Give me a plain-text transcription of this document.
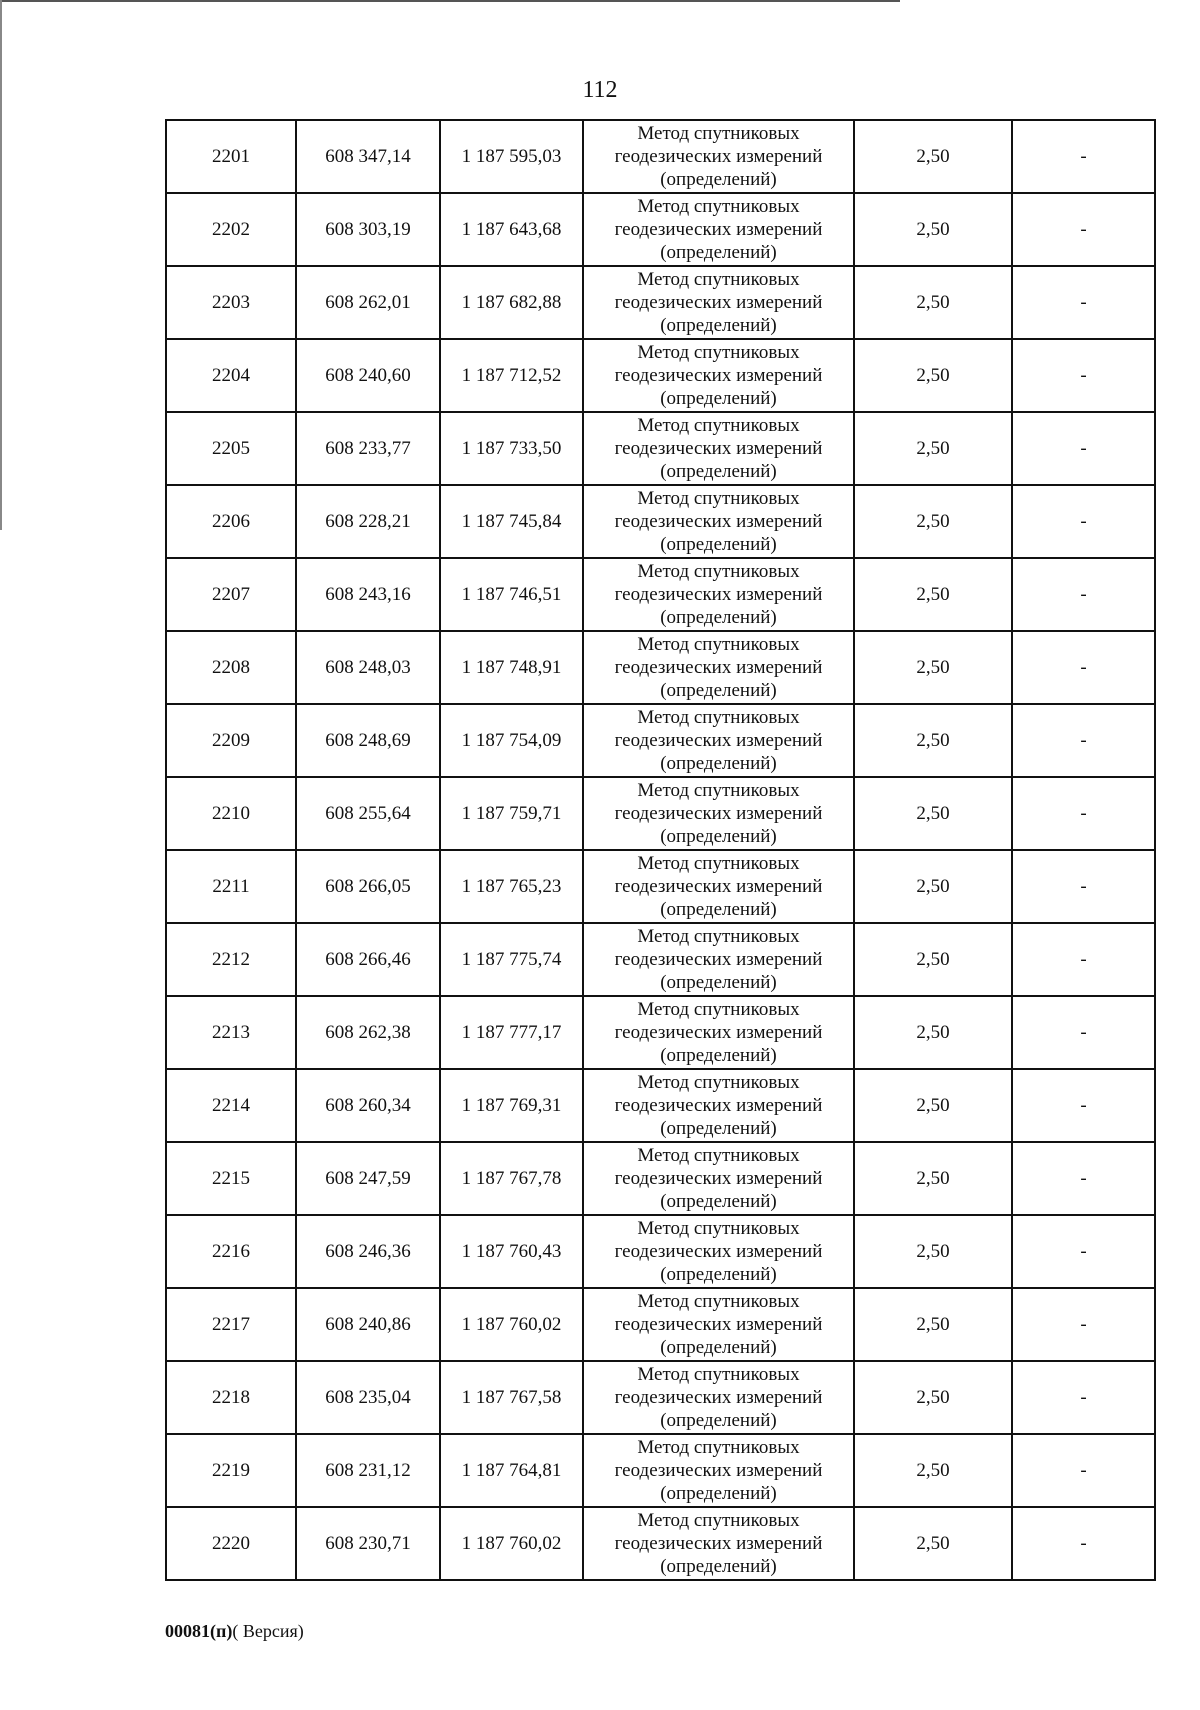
112
2201	608 347,14	1 187 595,03	Метод спутниковых
геодезических измерений
(определений)	2,50	-
2202	608 303,19	1 187 643,68	Метод спутниковых
геодезических измерений
(определений)	2,50	-
2203	608 262,01	1 187 682,88	Метод спутниковых
геодезических измерений
(определений)	2,50	-
2204	608 240,60	1 187 712,52	Метод спутниковых
геодезических измерений
(определений)	2,50	-
2205	608 233,77	1 187 733,50	Метод спутниковых
геодезических измерений
(определений)	2,50	-
2206	608 228,21	1 187 745,84	Метод спутниковых
геодезических измерений
(определений)	2,50	-
2207	608 243,16	1 187 746,51	Метод спутниковых
геодезических измерений
(определений)	2,50	-
2208	608 248,03	1 187 748,91	Метод спутниковых
геодезических измерений
(определений)	2,50	-
2209	608 248,69	1 187 754,09	Метод спутниковых
геодезических измерений
(определений)	2,50	-
2210	608 255,64	1 187 759,71	Метод спутниковых
геодезических измерений
(определений)	2,50	-
2211	608 266,05	1 187 765,23	Метод спутниковых
геодезических измерений
(определений)	2,50	-
2212	608 266,46	1 187 775,74	Метод спутниковых
геодезических измерений
(определений)	2,50	-
2213	608 262,38	1 187 777,17	Метод спутниковых
геодезических измерений
(определений)	2,50	-
2214	608 260,34	1 187 769,31	Метод спутниковых
геодезических измерений
(определений)	2,50	-
2215	608 247,59	1 187 767,78	Метод спутниковых
геодезических измерений
(определений)	2,50	-
2216	608 246,36	1 187 760,43	Метод спутниковых
геодезических измерений
(определений)	2,50	-
2217	608 240,86	1 187 760,02	Метод спутниковых
геодезических измерений
(определений)	2,50	-
2218	608 235,04	1 187 767,58	Метод спутниковых
геодезических измерений
(определений)	2,50	-
2219	608 231,12	1 187 764,81	Метод спутниковых
геодезических измерений
(определений)	2,50	-
2220	608 230,71	1 187 760,02	Метод спутниковых
геодезических измерений
(определений)	2,50	-
00081(п)( Версия)
